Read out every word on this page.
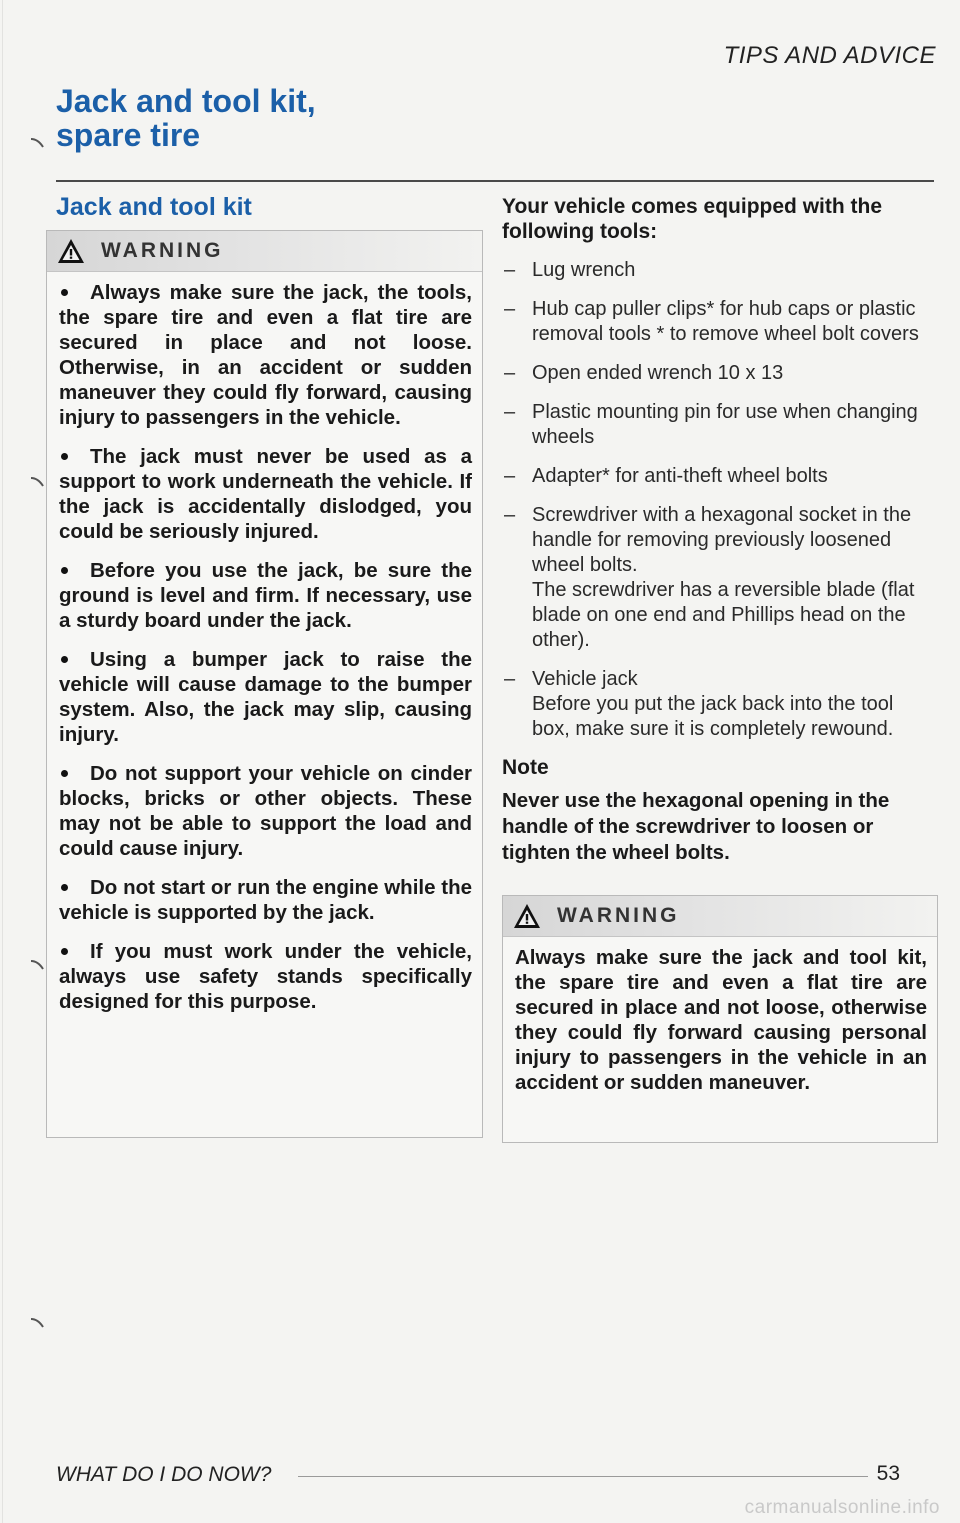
TIPS AND ADVICE
Jack and tool kit,
spare tire
Jack and tool kit
WARNING

Always make sure the jack, the tools, the spare tire and even a flat tire are secured in place and not loose. Otherwise, in an accident or sudden maneuver they could fly forward, causing injury to passengers in the vehicle.

The jack must never be used as a support to work underneath the vehicle. If the jack is accidentally dislodged, you could be seriously injured.

Before you use the jack, be sure the ground is level and firm. If necessary, use a sturdy board under the jack.

Using a bumper jack to raise the vehicle will cause damage to the bumper system. Also, the jack may slip, causing injury.

Do not support your vehicle on cinder blocks, bricks or other objects. These may not be able to support the load and could cause injury.

Do not start or run the engine while the vehicle is supported by the jack.

If you must work under the vehicle, always use safety stands specifically designed for this purpose.

Your vehicle comes equipped with the following tools:
– Lug wrench
– Hub cap puller clips* for hub caps or plastic removal tools * to remove wheel bolt covers
– Open ended wrench 10 x 13
– Plastic mounting pin for use when changing wheels
– Adapter* for anti-theft wheel bolts
– Screwdriver with a hexagonal socket in the handle for removing previously loosened wheel bolts.
The screwdriver has a reversible blade (flat blade on one end and Phillips head on the other).
– Vehicle jack
Before you put the jack back into the tool box, make sure it is completely rewound.
Note

Never use the hexagonal opening in the handle of the screwdriver to loosen or tighten the wheel bolts.

WARNING

Always make sure the jack and tool kit, the spare tire and even a flat tire are secured in place and not loose, otherwise they could fly forward causing personal injury to passengers in the vehicle in an accident or sudden maneuver.

WHAT DO I DO NOW?	53
carmanualsonline.info
